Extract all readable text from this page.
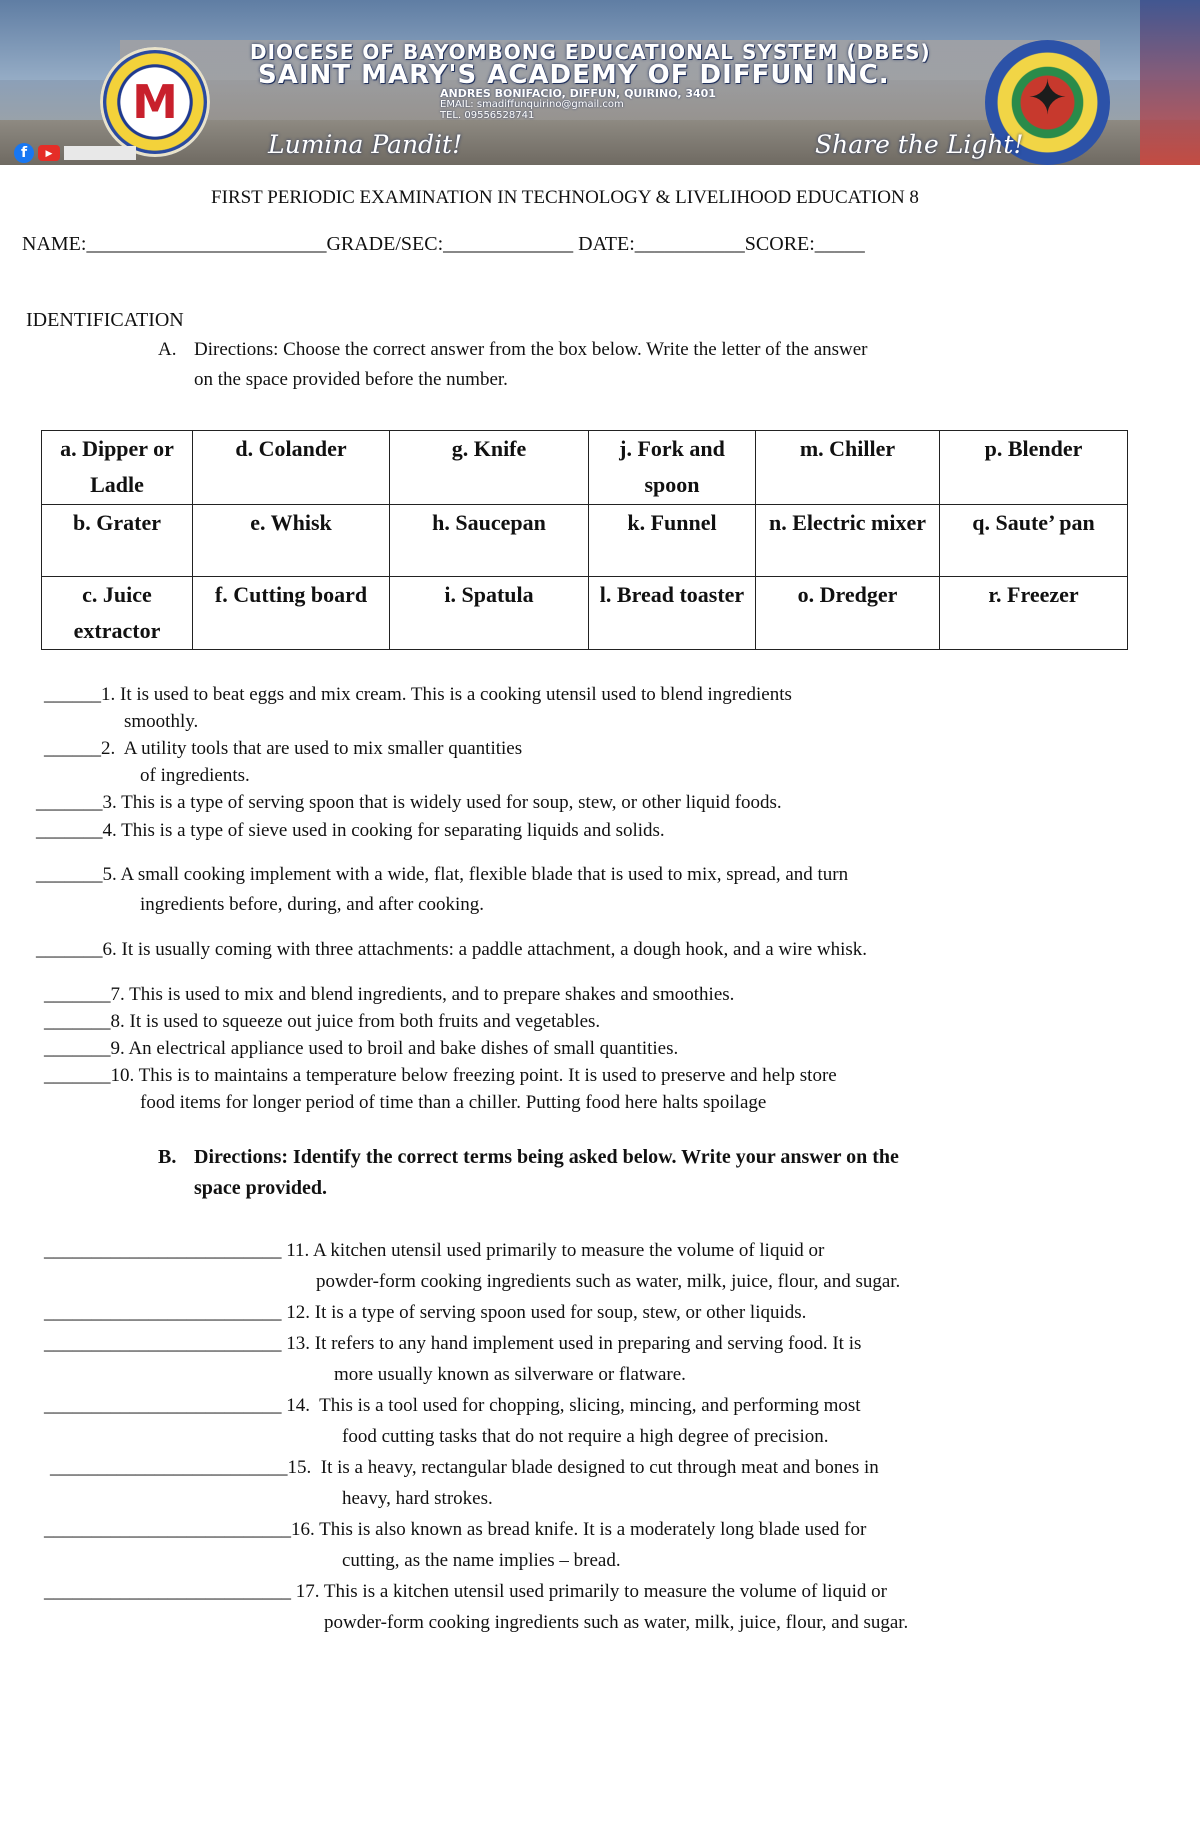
M	✦
DIOCESE OF BAYOMBONG EDUCATIONAL SYSTEM (DBES)
SAINT MARY'S ACADEMY OF DIFFUN INC.
ANDRES BONIFACIO, DIFFUN, QUIRINO, 3401
EMAIL: smadiffunquirino@gmail.com
TEL. 09556528741
Lumina Pandit!	Share the Light!
f	▶
FIRST PERIODIC EXAMINATION IN TECHNOLOGY & LIVELIHOOD EDUCATION 8
NAME:________________________GRADE/SEC:_____________ DATE:___________SCORE:_____
IDENTIFICATION
A. Directions: Choose the correct answer from the box below. Write the letter of the answer
on the space provided before the number.
a. Dipper or Ladle	d. Colander	g. Knife	j. Fork and spoon	m. Chiller	p. Blender
b. Grater	e. Whisk	h. Saucepan	k. Funnel	n. Electric mixer	q. Saute’ pan
c. Juice extractor	f. Cutting board	i. Spatula	l. Bread toaster	o. Dredger	r. Freezer
______1. It is used to beat eggs and mix cream. This is a cooking utensil used to blend ingredients
smoothly.
______2.  A utility tools that are used to mix smaller quantities
of ingredients.
_______3. This is a type of serving spoon that is widely used for soup, stew, or other liquid foods.
_______4. This is a type of sieve used in cooking for separating liquids and solids.
_______5. A small cooking implement with a wide, flat, flexible blade that is used to mix, spread, and turn
ingredients before, during, and after cooking.
_______6. It is usually coming with three attachments: a paddle attachment, a dough hook, and a wire whisk.
_______7. This is used to mix and blend ingredients, and to prepare shakes and smoothies.
_______8. It is used to squeeze out juice from both fruits and vegetables.
_______9. An electrical appliance used to broil and bake dishes of small quantities.
_______10. This is to maintains a temperature below freezing point. It is used to preserve and help store
food items for longer period of time than a chiller. Putting food here halts spoilage
B. Directions: Identify the correct terms being asked below. Write your answer on the
space provided.
_________________________ 11. A kitchen utensil used primarily to measure the volume of liquid or
powder-form cooking ingredients such as water, milk, juice, flour, and sugar.
_________________________ 12. It is a type of serving spoon used for soup, stew, or other liquids.
_________________________ 13. It refers to any hand implement used in preparing and serving food. It is
more usually known as silverware or flatware.
_________________________ 14.  This is a tool used for chopping, slicing, mincing, and performing most
food cutting tasks that do not require a high degree of precision.
_________________________15.  It is a heavy, rectangular blade designed to cut through meat and bones in
heavy, hard strokes.
__________________________16. This is also known as bread knife. It is a moderately long blade used for
cutting, as the name implies – bread.
__________________________ 17. This is a kitchen utensil used primarily to measure the volume of liquid or
powder-form cooking ingredients such as water, milk, juice, flour, and sugar.
